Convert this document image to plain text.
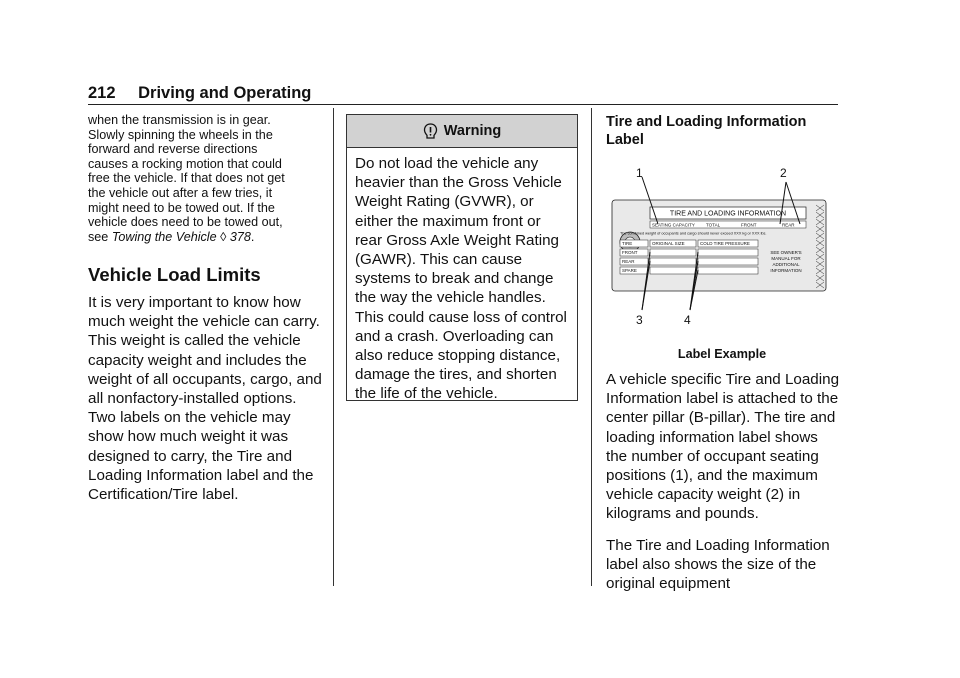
212 Driving and Operating
when the transmission is in gear.
Slowly spinning the wheels in the
forward and reverse directions
causes a rocking motion that could
free the vehicle. If that does not get
the vehicle out after a few tries, it
might need to be towed out. If the
vehicle does need to be towed out,
see Towing the Vehicle ◊ 378.
Vehicle Load Limits

It is very important to know how much weight the vehicle can carry. This weight is called the vehicle capacity weight and includes the weight of all occupants, cargo, and all nonfactory-installed options. Two labels on the vehicle may show how much weight it was designed to carry, the Tire and Loading Information label and the Certification/Tire label.

Warning
Do not load the vehicle any heavier than the Gross Vehicle Weight Rating (GVWR), or either the maximum front or rear Gross Axle Weight Rating (GAWR). This can cause systems to break and change the way the vehicle handles. This could cause loss of control and a crash. Overloading can also reduce stopping distance, damage the tires, and shorten the life of the vehicle.
Tire and Loading Information Label
TIRE AND LOADING INFORMATION
SEATING CAPACITY TOTAL	FRONT	REAR
The combined weight of occupants and cargo should never exceed XXX kg or XXX lbs.
TIRE	ORIGINAL SIZE	COLD TIRE PRESSURE
FRONT
REAR
SPARE
SEE OWNER'S
MANUAL FOR
ADDITIONAL
INFORMATION
1	2
3	4
Label Example

A vehicle specific Tire and Loading Information label is attached to the center pillar (B-pillar). The tire and loading information label shows the number of occupant seating positions (1), and the maximum vehicle capacity weight (2) in kilograms and pounds.

The Tire and Loading Information label also shows the size of the original equipment
